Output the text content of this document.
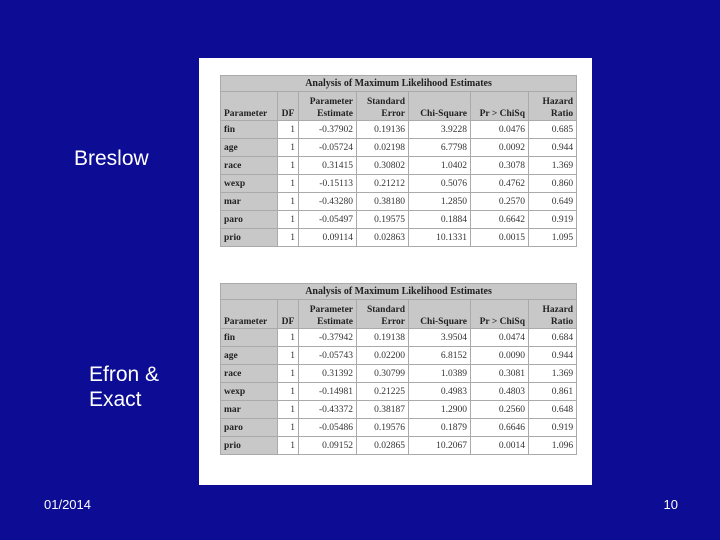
Breslow
Efron & Exact
Analysis of Maximum Likelihood Estimates						
Parameter	DF	Parameter Estimate	Standard Error	Chi-Square	Pr > ChiSq	Hazard Ratio
fin	1	-0.37902	0.19136	3.9228	0.0476	0.685
age	1	-0.05724	0.02198	6.7798	0.0092	0.944
race	1	0.31415	0.30802	1.0402	0.3078	1.369
wexp	1	-0.15113	0.21212	0.5076	0.4762	0.860
mar	1	-0.43280	0.38180	1.2850	0.2570	0.649
paro	1	-0.05497	0.19575	0.1884	0.6642	0.919
prio	1	0.09114	0.02863	10.1331	0.0015	1.095
Analysis of Maximum Likelihood Estimates						
Parameter	DF	Parameter Estimate	Standard Error	Chi-Square	Pr > ChiSq	Hazard Ratio
fin	1	-0.37942	0.19138	3.9504	0.0474	0.684
age	1	-0.05743	0.02200	6.8152	0.0090	0.944
race	1	0.31392	0.30799	1.0389	0.3081	1.369
wexp	1	-0.14981	0.21225	0.4983	0.4803	0.861
mar	1	-0.43372	0.38187	1.2900	0.2560	0.648
paro	1	-0.05486	0.19576	0.1879	0.6646	0.919
prio	1	0.09152	0.02865	10.2067	0.0014	1.096
01/2014	10
